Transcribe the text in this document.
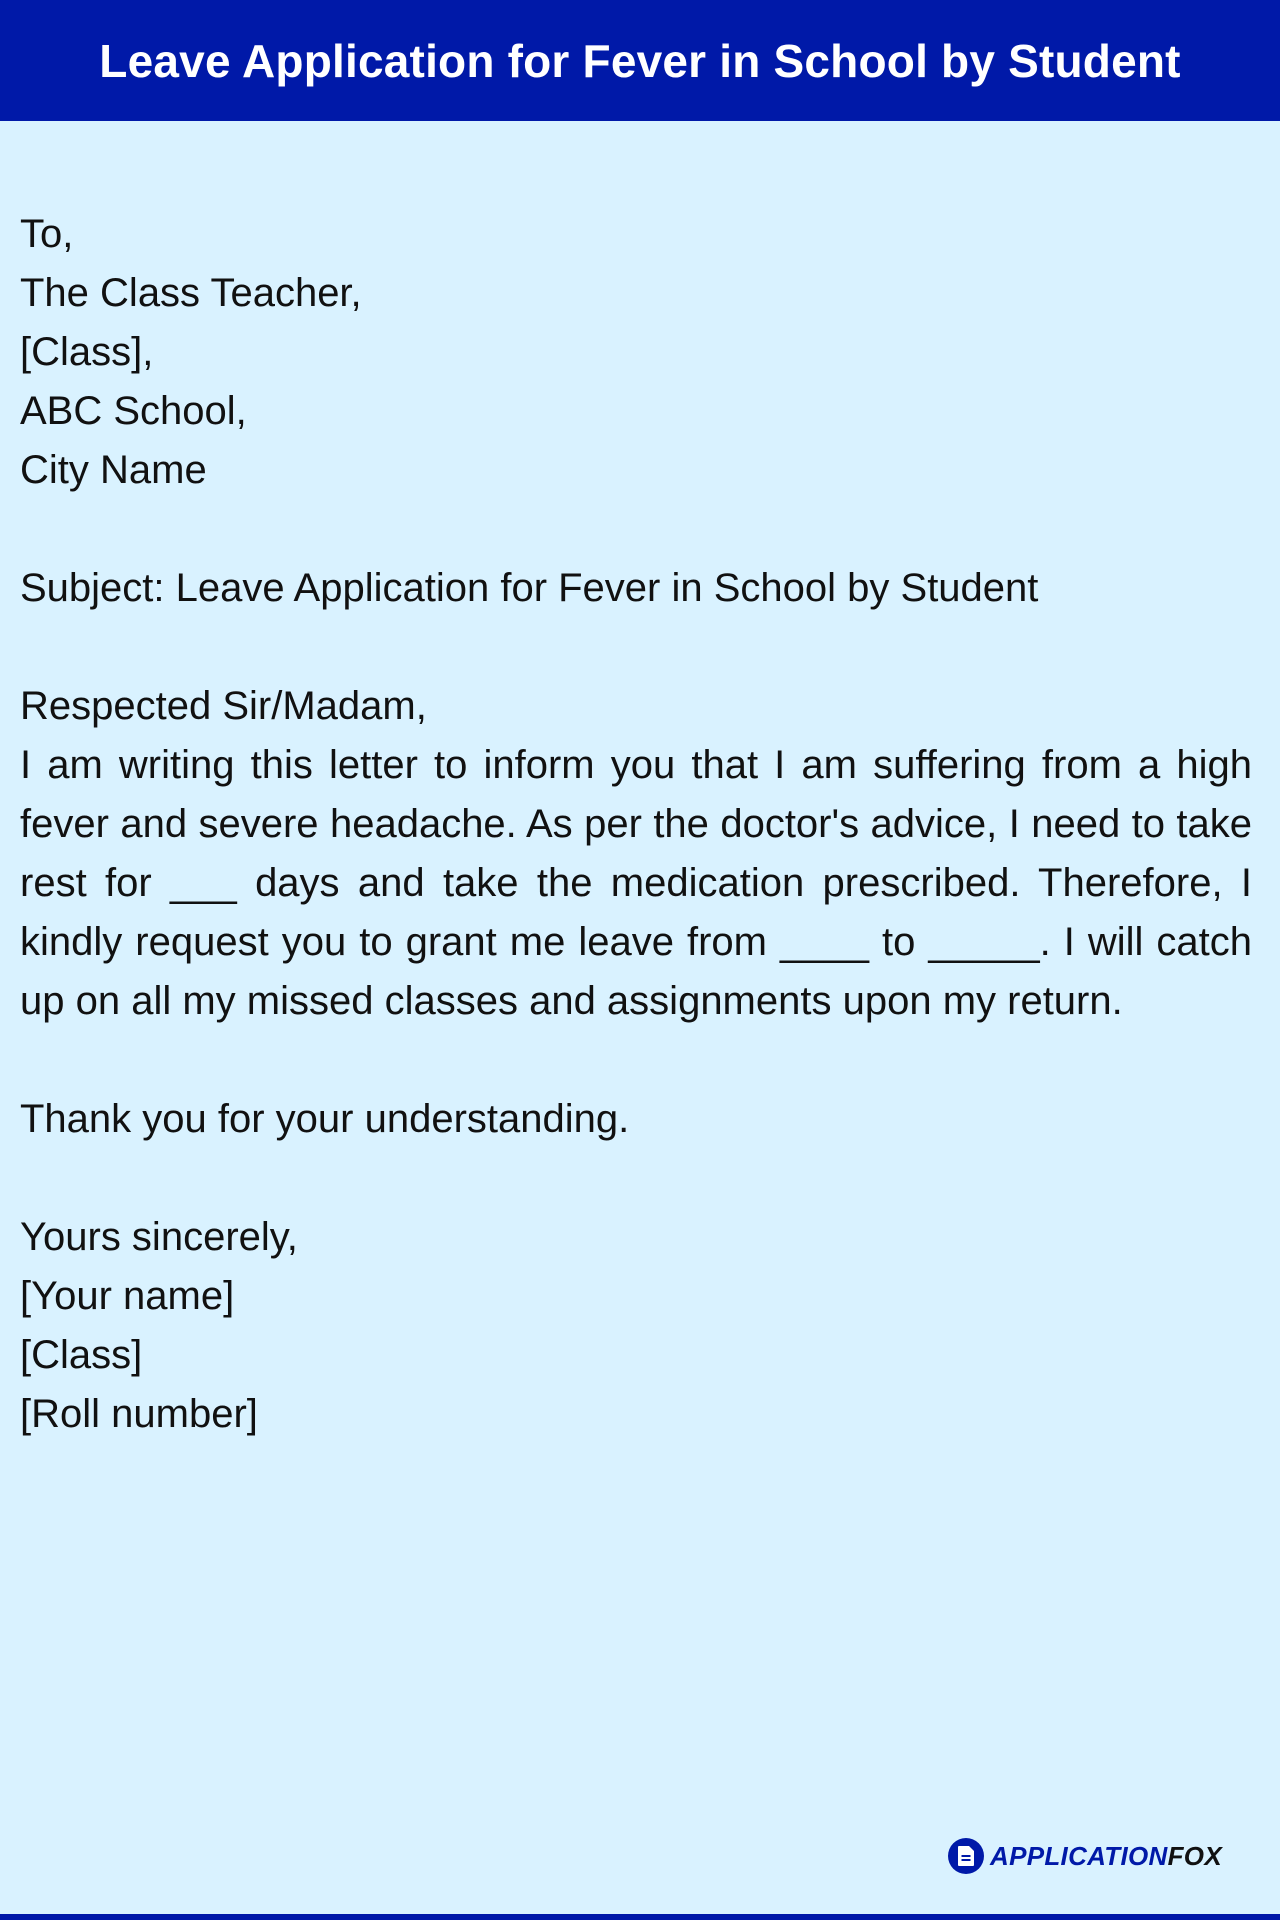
Leave Application for Fever in School by Student
To,
The Class Teacher,
[Class],
ABC School,
City Name
Subject: Leave Application for Fever in School by Student
Respected Sir/Madam,
I am writing this letter to inform you that I am suffering from a high fever and severe headache. As per the doctor's advice, I need to take rest for ___ days and take the medication prescribed. Therefore, I kindly request you to grant me leave from ____ to _____. I will catch up on all my missed classes and assignments upon my return.
Thank you for your understanding.
Yours sincerely,
[Your name]
[Class]
[Roll number]
APPLICATIONFOX
